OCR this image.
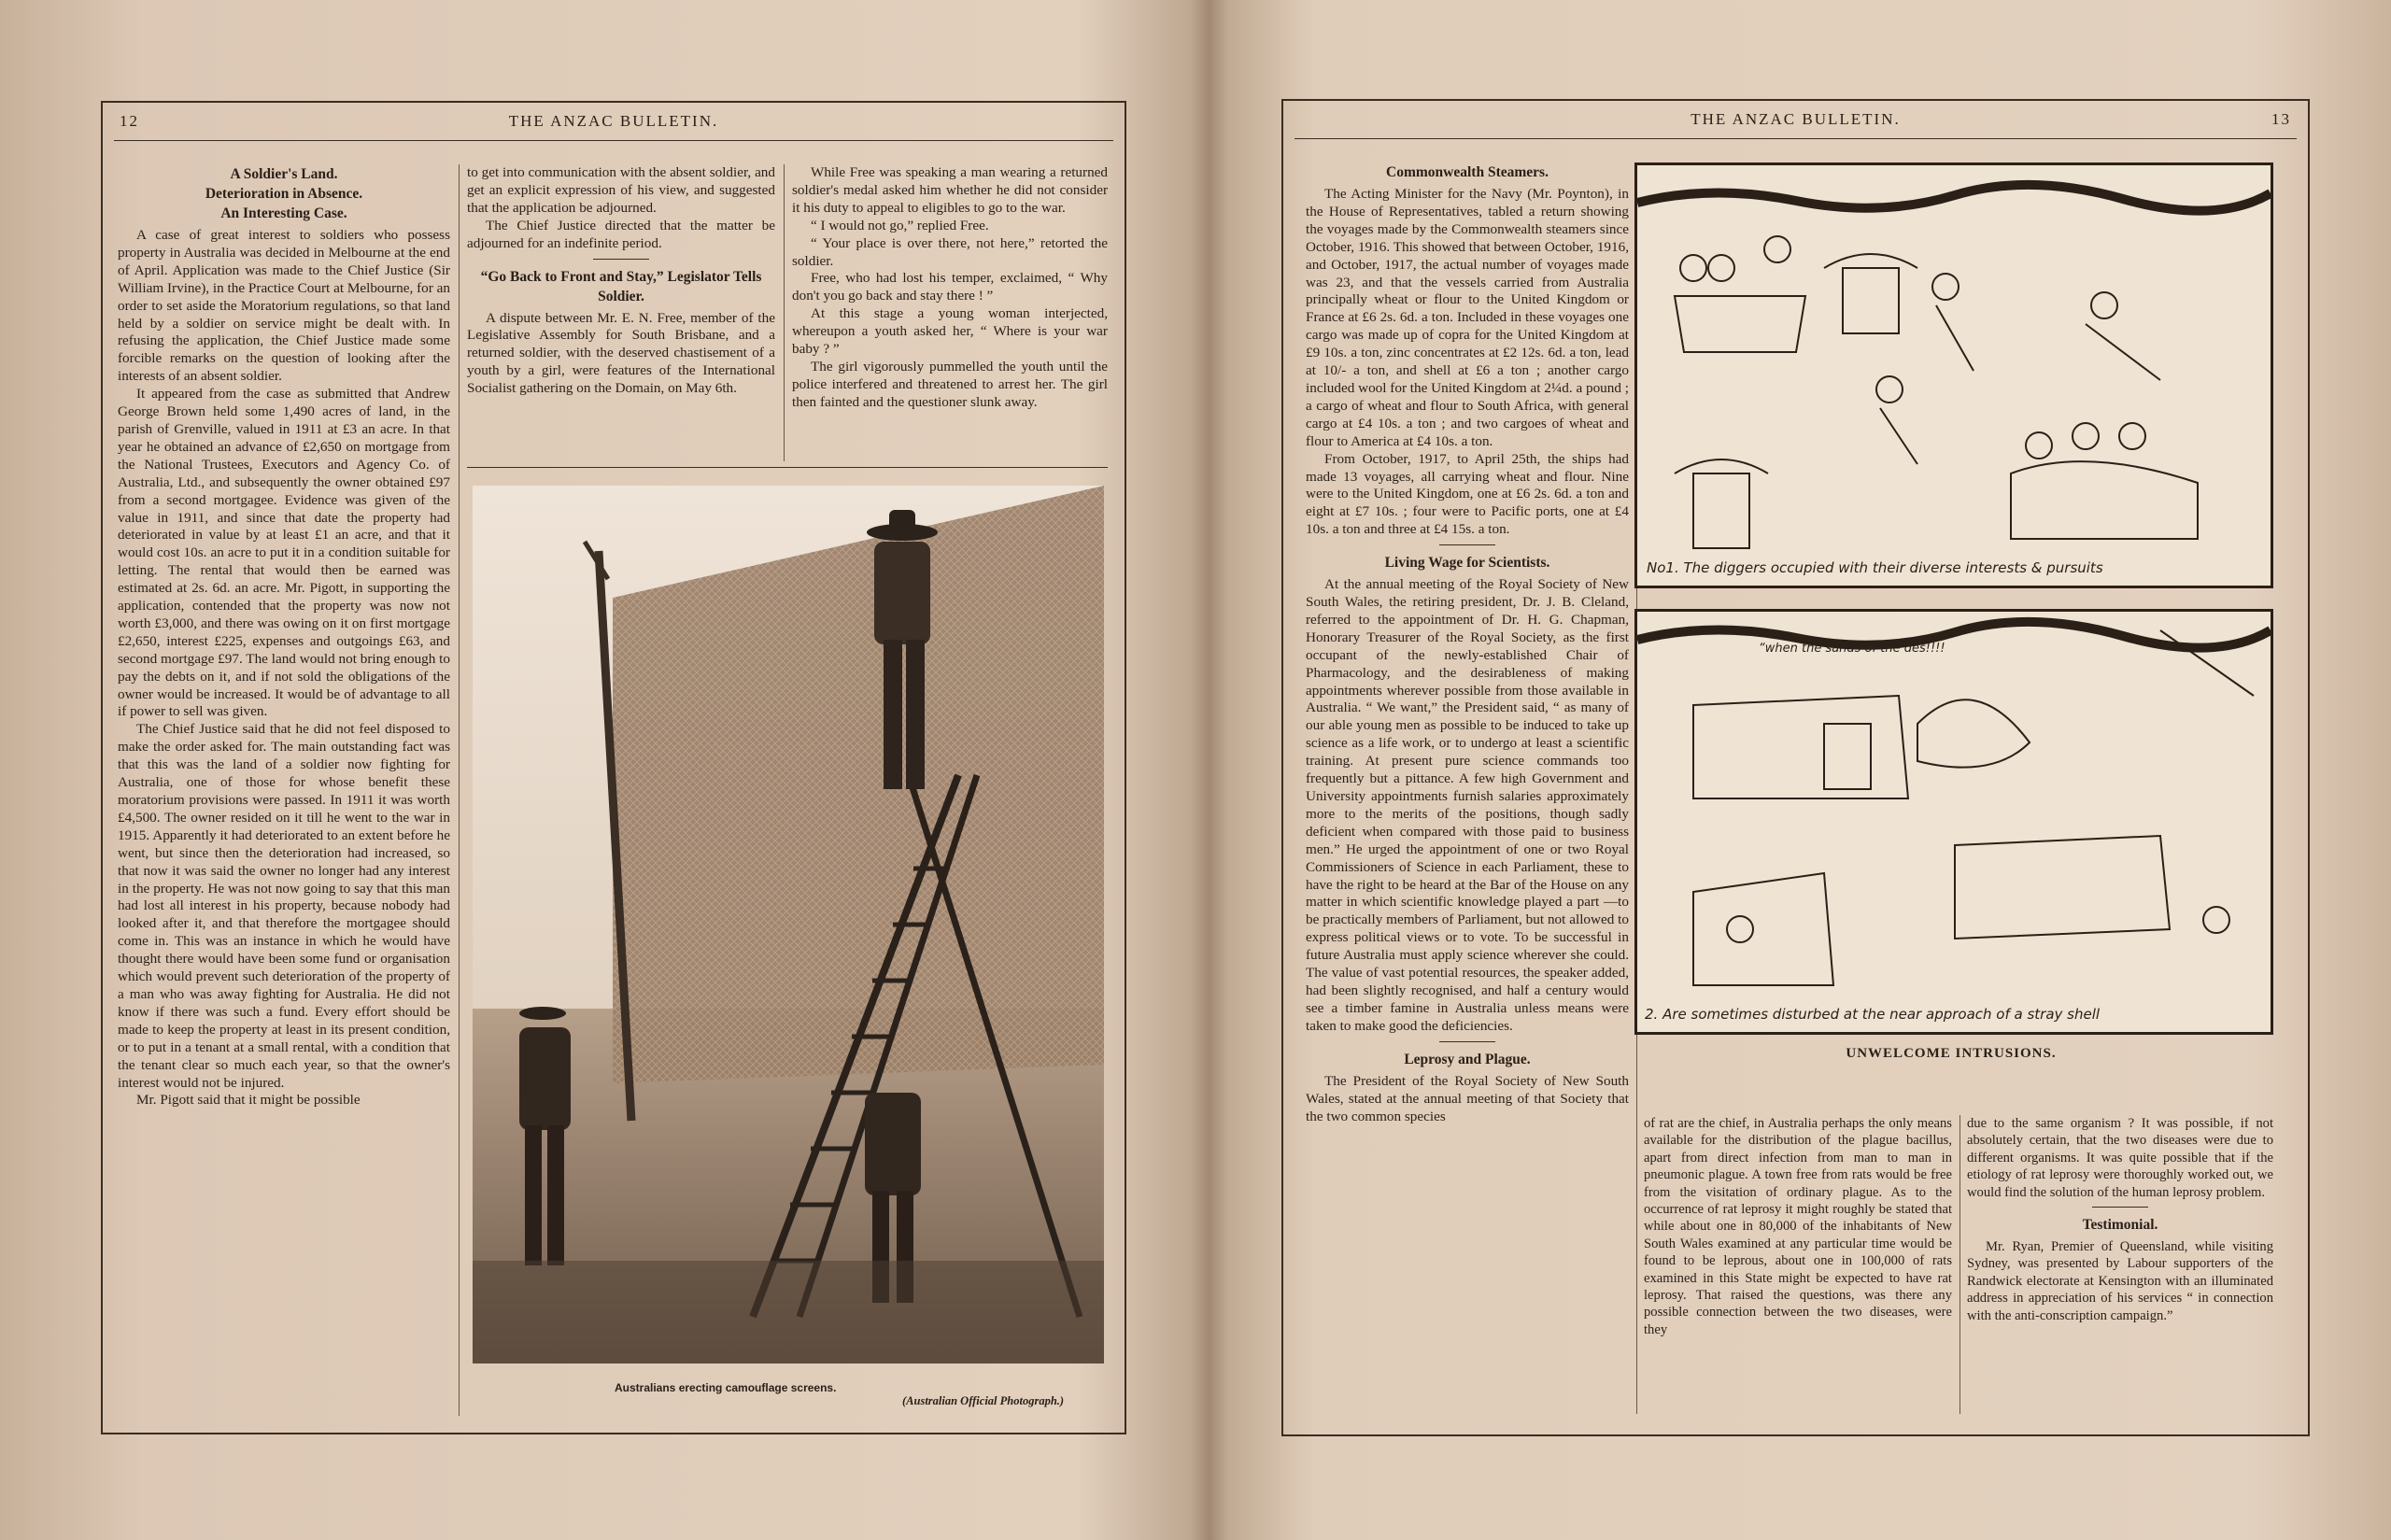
12	THE ANZAC BULLETIN.
A Soldier's Land.
Deterioration in Absence.
An Interesting Case.

A case of great interest to soldiers who possess property in Australia was decided in Melbourne at the end of April. Application was made to the Chief Justice (Sir William Irvine), in the Practice Court at Melbourne, for an order to set aside the Moratorium regulations, so that land held by a soldier on service might be dealt with. In refusing the application, the Chief Justice made some forcible remarks on the question of looking after the interests of an absent soldier.

It appeared from the case as submitted that Andrew George Brown held some 1,490 acres of land, in the parish of Grenville, valued in 1911 at £3 an acre. In that year he obtained an advance of £2,650 on mortgage from the National Trustees, Executors and Agency Co. of Australia, Ltd., and subsequently the owner obtained £97 from a second mortgagee. Evidence was given of the value in 1911, and since that date the property had deteriorated in value by at least £1 an acre, and that it would cost 10s. an acre to put it in a condition suitable for letting. The rental that would then be earned was estimated at 2s. 6d. an acre. Mr. Pigott, in supporting the application, contended that the property was now not worth £3,000, and there was owing on it on first mortgage £2,650, interest £225, expenses and outgoings £63, and second mortgage £97. The land would not bring enough to pay the debts on it, and if not sold the obligations of the owner would be increased. It would be of advantage to all if power to sell was given.

The Chief Justice said that he did not feel disposed to make the order asked for. The main outstanding fact was that this was the land of a soldier now fighting for Australia, one of those for whose benefit these moratorium provisions were passed. In 1911 it was worth £4,500. The owner resided on it till he went to the war in 1915. Apparently it had deteriorated to an extent before he went, but since then the deterioration had increased, so that now it was said the owner no longer had any interest in the property. He was not now going to say that this man had lost all interest in his property, because nobody had looked after it, and that therefore the mortgagee should come in. This was an instance in which he would have thought there would have been some fund or organisation which would prevent such deterioration of the property of a man who was away fighting for Australia. He did not know if there was such a fund. Every effort should be made to keep the property at least in its present condition, or to put in a tenant at a small rental, with a condition that the tenant clear so much each year, so that the owner's interest would not be injured.

Mr. Pigott said that it might be possible

to get into communication with the absent soldier, and get an explicit expression of his view, and suggested that the application be adjourned.

The Chief Justice directed that the matter be adjourned for an indefinite period.

“Go Back to Front and Stay,” Legislator Tells Soldier.

A dispute between Mr. E. N. Free, member of the Legislative Assembly for South Brisbane, and a returned soldier, with the deserved chastisement of a youth by a girl, were features of the International Socialist gathering on the Domain, on May 6th.

While Free was speaking a man wearing a returned soldier's medal asked him whether he did not consider it his duty to appeal to eligibles to go to the war.

“ I would not go,” replied Free.

“ Your place is over there, not here,” retorted the soldier.

Free, who had lost his temper, exclaimed, “ Why don't you go back and stay there ! ”

At this stage a young woman interjected, whereupon a youth asked her, “ Where is your war baby ? ”

The girl vigorously pummelled the youth until the police interfered and threatened to arrest her. The girl then fainted and the questioner slunk away.

Australians erecting camouflage screens.
(Australian Official Photograph.)
THE ANZAC BULLETIN.	13
Commonwealth Steamers.

The Acting Minister for the Navy (Mr. Poynton), in the House of Representatives, tabled a return showing the voyages made by the Commonwealth steamers since October, 1916. This showed that between October, 1916, and October, 1917, the actual number of voyages made was 23, and that the vessels carried from Australia principally wheat or flour to the United Kingdom or France at £6 2s. 6d. a ton. Included in these voyages one cargo was made up of copra for the United Kingdom at £9 10s. a ton, zinc concentrates at £2 12s. 6d. a ton, lead at 10/- a ton, and shell at £6 a ton ; another cargo included wool for the United Kingdom at 2¼d. a pound ; a cargo of wheat and flour to South Africa, with general cargo at £4 10s. a ton ; and two cargoes of wheat and flour to America at £4 10s. a ton.

From October, 1917, to April 25th, the ships had made 13 voyages, all carrying wheat and flour. Nine were to the United Kingdom, one at £6 2s. 6d. a ton and eight at £7 10s. ; four were to Pacific ports, one at £4 10s. a ton and three at £4 15s. a ton.

Living Wage for Scientists.

At the annual meeting of the Royal Society of New South Wales, the retiring president, Dr. J. B. Cleland, referred to the appointment of Dr. H. G. Chapman, Honorary Treasurer of the Royal Society, as the first occupant of the newly-established Chair of Pharmacology, and the desirableness of making appointments wherever possible from those available in Australia. “ We want,” the President said, “ as many of our able young men as possible to be induced to take up science as a life work, or to undergo at least a scientific training. At present pure science commands too frequently but a pittance. A few high Government and University appointments furnish salaries approximately more to the merits of the positions, though sadly deficient when compared with those paid to business men.” He urged the appointment of one or two Royal Commissioners of Science in each Parliament, these to have the right to be heard at the Bar of the House on any matter in which scientific knowledge played a part —to be practically members of Parliament, but not allowed to express political views or to vote. To be successful in future Australia must apply science wherever she could. The value of vast potential resources, the speaker added, had been slightly recognised, and half a century would see a timber famine in Australia unless means were taken to make good the deficiencies.

Leprosy and Plague.

The President of the Royal Society of New South Wales, stated at the annual meeting of that Society that the two common species

No1. The diggers occupied with their diverse interests & pursuits
“when the sands of the des!!!!
2. Are sometimes disturbed at the near approach of a stray shell
UNWELCOME INTRUSIONS.

of rat are the chief, in Australia perhaps the only means available for the distribution of the plague bacillus, apart from direct infection from man to man in pneumonic plague. A town free from rats would be free from the visitation of ordinary plague. As to the occurrence of rat leprosy it might roughly be stated that while about one in 80,000 of the inhabitants of New South Wales examined at any particular time would be found to be leprous, about one in 100,000 of rats examined in this State might be expected to have rat leprosy. That raised the questions, was there any possible connection between the two diseases, were they

due to the same organism ? It was possible, if not absolutely certain, that the two diseases were due to different organisms. It was quite possible that if the etiology of rat leprosy were thoroughly worked out, we would find the solution of the human leprosy problem.

Testimonial.

Mr. Ryan, Premier of Queensland, while visiting Sydney, was presented by Labour supporters of the Randwick electorate at Kensington with an illuminated address in appreciation of his services “ in connection with the anti-conscription campaign.”
